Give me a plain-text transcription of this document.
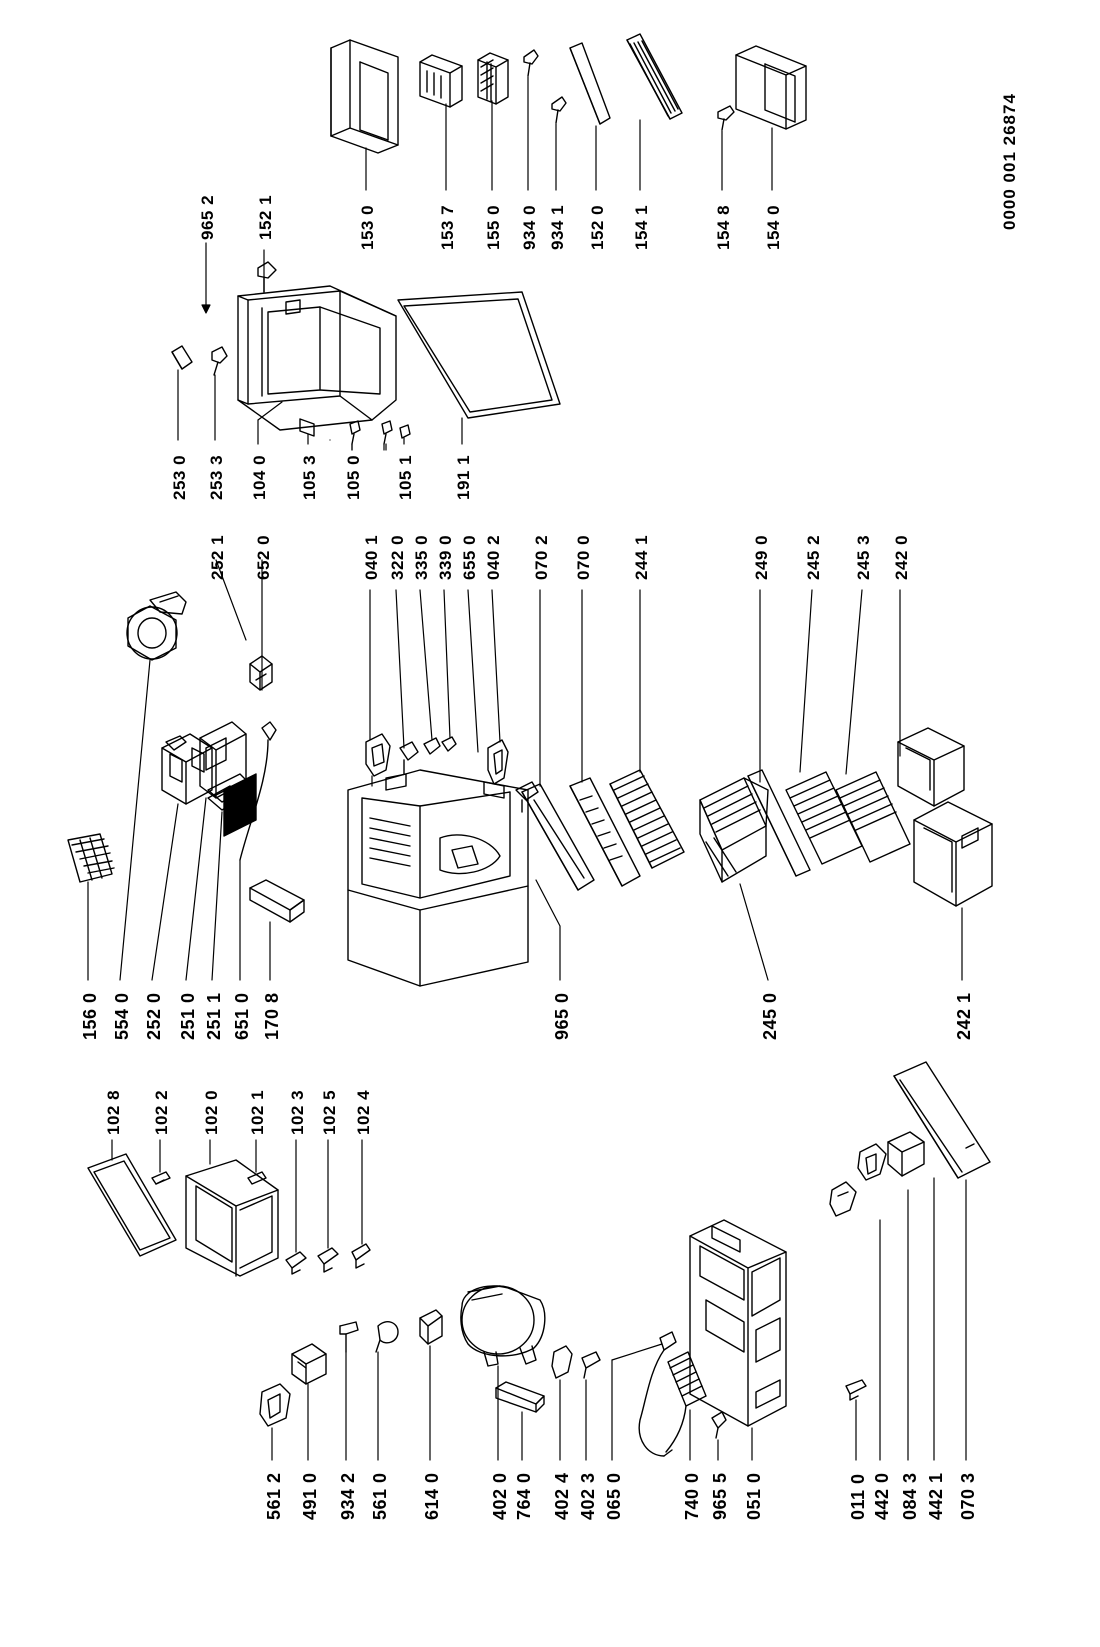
0000 001 26874
153 0	153 7 155 0 934 0 934 1 152 0 154 1	154 8 154 0
965 2 152 1
253 0 253 3 104 0 105 3 105 0 105 1 191 1
252 1 652 0	040 1 322 0 335 0 339 0 655 0 040 2 070 2 070 0 244 1	249 0 245 2 245 3 242 0
156 0 554 0 252 0 251 0 251 1 651 0 170 8	965 0	245 0	242 1
102 8 102 2 102 0 102 1 102 3 102 5 102 4
561 2 491 0 934 2 561 0 614 0	402 0 764 0 402 4 402 3 065 0	740 0 965 5 051 0	011 0 442 0 084 3 442 1 070 3
